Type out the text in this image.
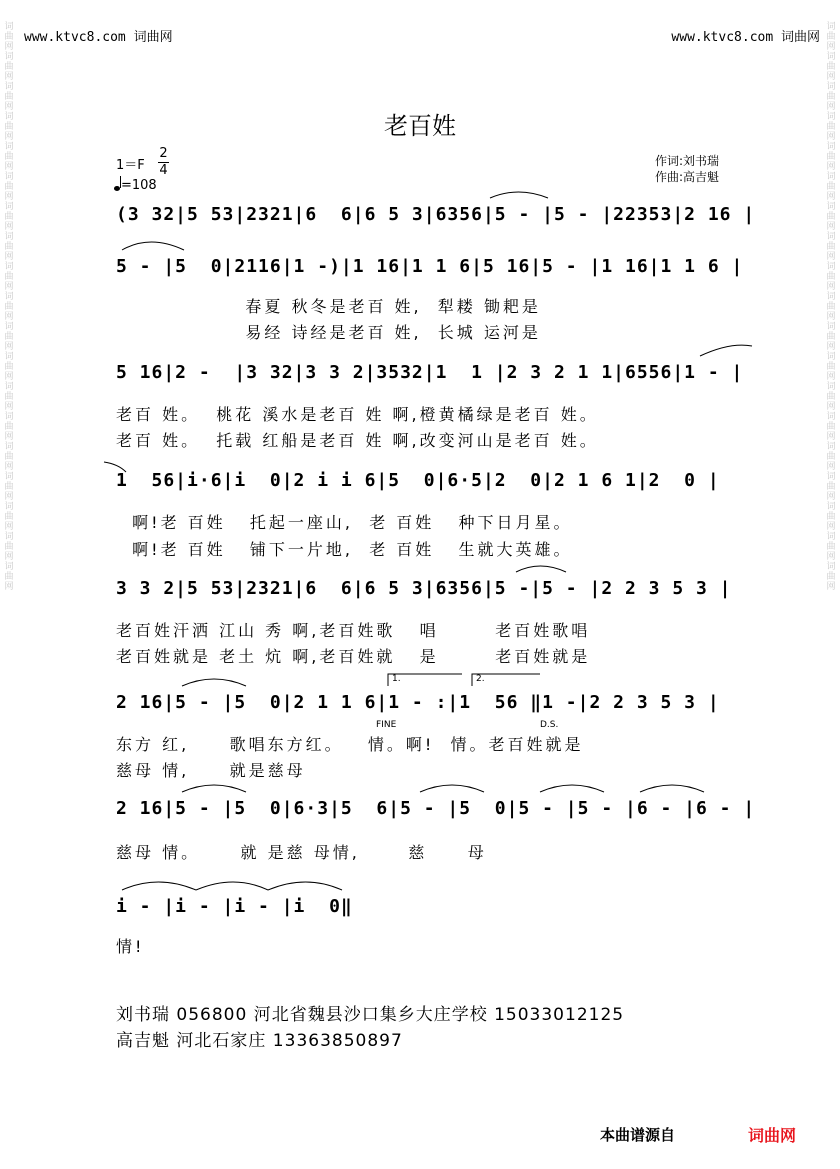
www.ktvc8.com 词曲网	www.ktvc8.com 词曲网
词曲网词曲网词曲网词曲网词曲网词曲网词曲网词曲网词曲网词曲网词曲网词曲网词曲网词曲网词曲网词曲网词曲网词曲网词曲网
词曲网词曲网词曲网词曲网词曲网词曲网词曲网词曲网词曲网词曲网词曲网词曲网词曲网词曲网词曲网词曲网词曲网词曲网词曲网
老百姓
1＝F
2
4
=108
作词:刘书瑞
作曲:高吉魁
(3 32|5 53|2321|6  6|6 5 3|6356|5 - |5 - |22353|2 16 |
5 - |5  0|2116|1 -)|1 16|1 1 6|5 16|5 - |1 16|1 1 6 |
春夏 秋冬是老百 姓,  犁耧 锄耙是
易经 诗经是老百 姓,  长城 运河是
5 16|2 -  |3 32|3 3 2|3532|1  1 |2 3 2 1 1|6556|1 - |
老百 姓。  桃花 溪水是老百 姓 啊,橙黄橘绿是老百 姓。
老百 姓。  托载 红船是老百 姓 啊,改变河山是老百 姓。
1  56|i·6|i  0|2 i i 6|5  0|6·5|2  0|2 1 6 1|2  0 |
啊!老 百姓   托起一座山,  老 百姓   种下日月星。
啊!老 百姓   铺下一片地,  老 百姓   生就大英雄。
3 3 2|5 53|2321|6  6|6 5 3|6356|5 -|5 - |2 2 3 5 3 |
老百姓汗洒 江山 秀 啊,老百姓歌   唱       老百姓歌唱
老百姓就是 老土 炕 啊,老百姓就   是       老百姓就是
1.	2.
2 16|5 - |5  0|2 1 1 6|1 - :|1  56 ‖1 -|2 2 3 5 3 |
FINE	D.S.
东方 红,     歌唱东方红。   情。啊!  情。老百姓就是
慈母 情,     就是慈母
2 16|5 - |5  0|6·3|5  6|5 - |5  0|5 - |5 - |6 - |6 - |
慈母 情。     就 是慈 母情,      慈     母
i - |i - |i - |i  0‖
情!
刘书瑞 056800 河北省魏县沙口集乡大庄学校 15033012125
高吉魁 河北石家庄 13363850897
本曲谱源自	词曲网
